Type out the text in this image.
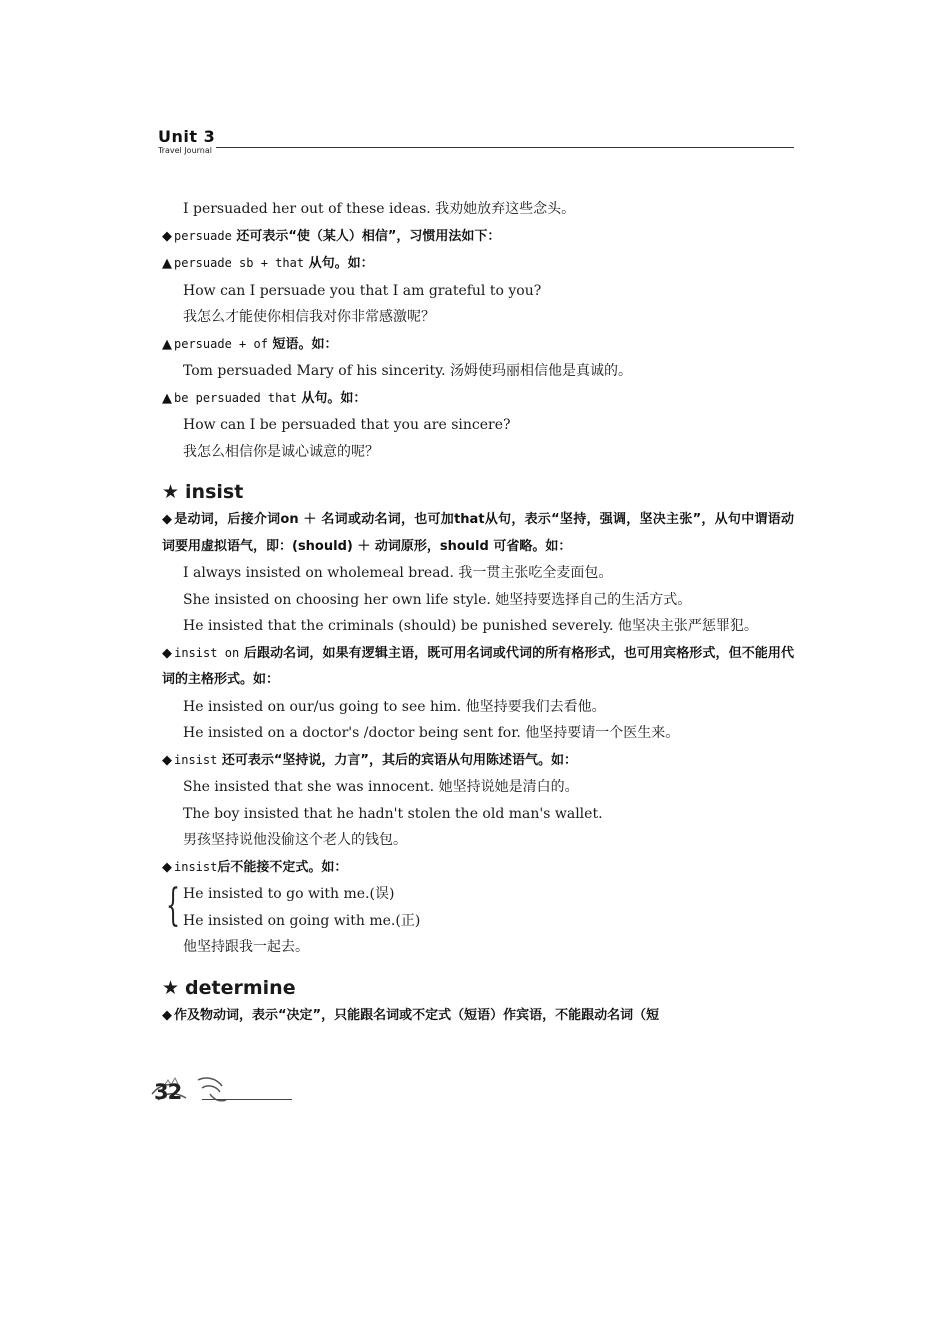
Unit 3
Travel Journal
I persuaded her out of these ideas. 我劝她放弃这些念头。
◆ persuade 还可表示“使（某人）相信”，习惯用法如下：
▲ persuade sb + that 从句。如：
How can I persuade you that I am grateful to you?
我怎么才能使你相信我对你非常感激呢？
▲ persuade + of 短语。如：
Tom persuaded Mary of his sincerity. 汤姆使玛丽相信他是真诚的。
▲ be persuaded that 从句。如：
How can I be persuaded that you are sincere?
我怎么相信你是诚心诚意的呢？
★ insist
◆ 是动词，后接介词on ＋ 名词或动名词，也可加that从句，表示“坚持，强调，坚决主张”，从句中谓语动词要用虚拟语气，即：(should) ＋ 动词原形，should 可省略。如：
I always insisted on wholemeal bread. 我一贯主张吃全麦面包。
She insisted on choosing her own life style. 她坚持要选择自己的生活方式。
He insisted that the criminals (should) be punished severely. 他坚决主张严惩罪犯。
◆ insist on 后跟动名词，如果有逻辑主语，既可用名词或代词的所有格形式，也可用宾格形式，但不能用代词的主格形式。如：
He insisted on our/us going to see him. 他坚持要我们去看他。
He insisted on a doctor's /doctor being sent for. 他坚持要请一个医生来。
◆ insist 还可表示“坚持说，力言”，其后的宾语从句用陈述语气。如：
She insisted that she was innocent. 她坚持说她是清白的。
The boy insisted that he hadn't stolen the old man's wallet.
男孩坚持说他没偷这个老人的钱包。
◆ insist后不能接不定式。如：
{ He insisted to go with me.(误)
He insisted on going with me.(正)
他坚持跟我一起去。
★ determine
◆ 作及物动词，表示“决定”，只能跟名词或不定式（短语）作宾语，不能跟动名词（短
32
